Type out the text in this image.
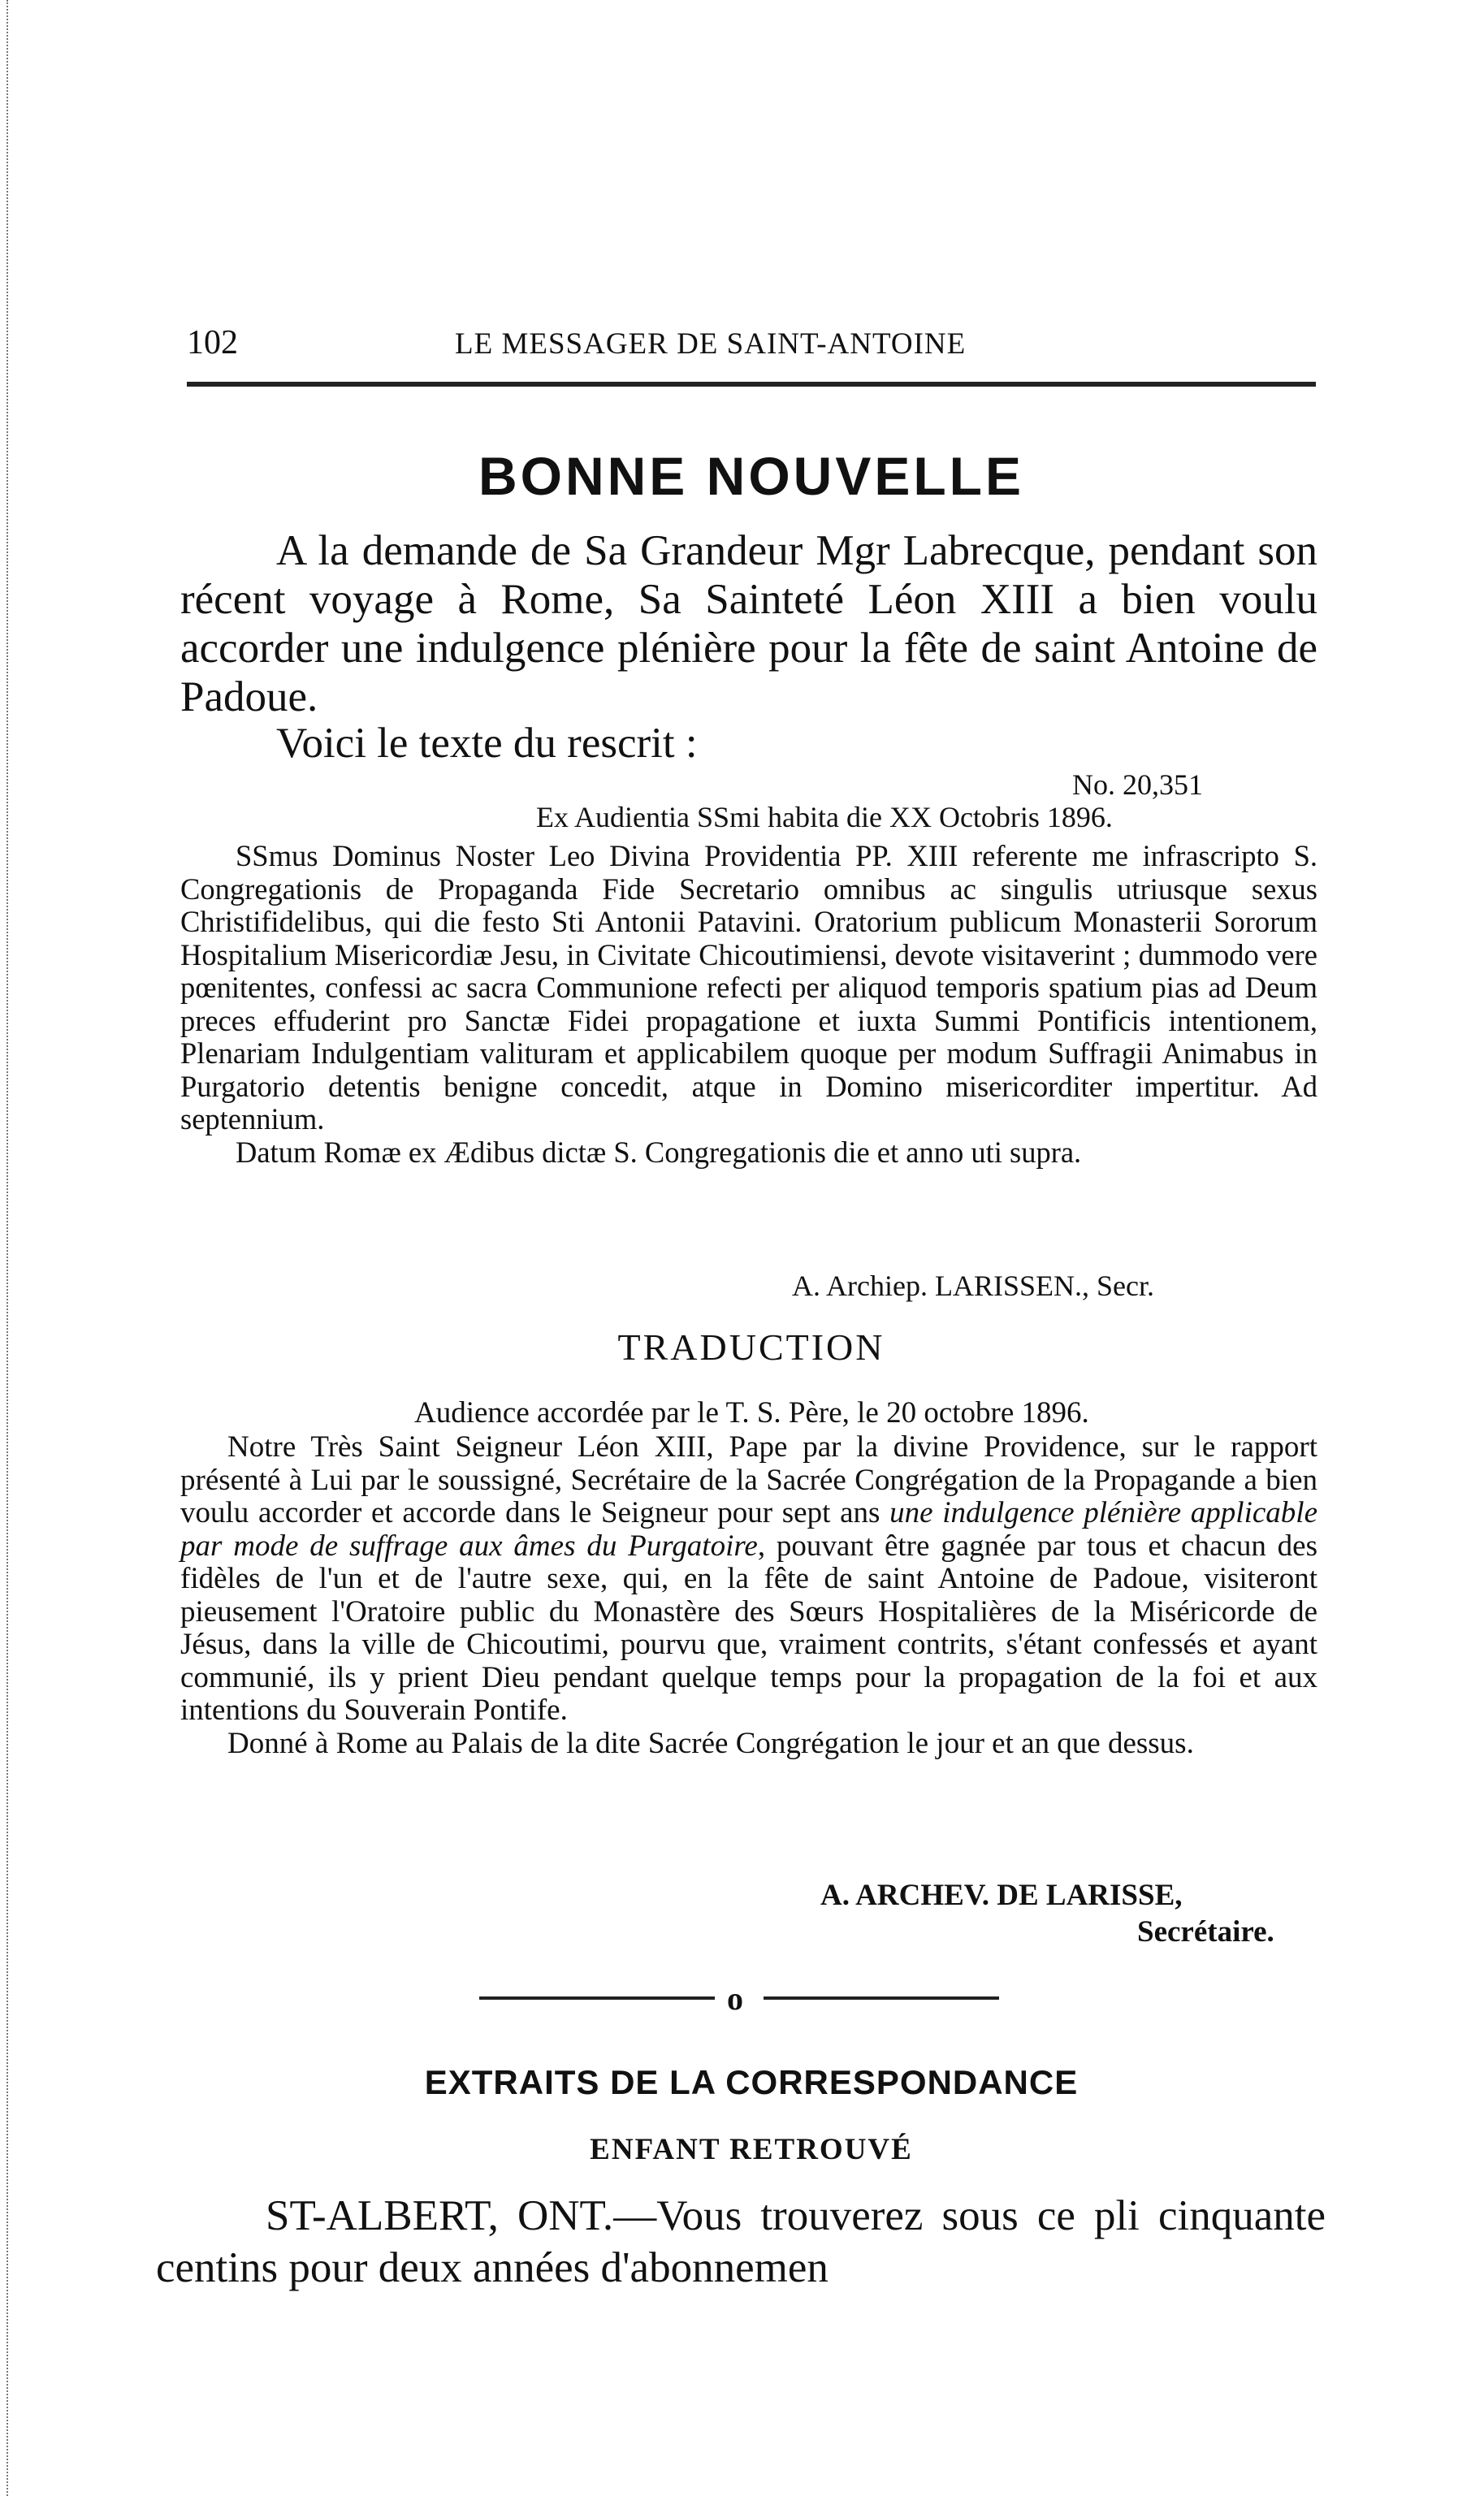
102	LE MESSAGER DE SAINT-ANTOINE
BONNE NOUVELLE

A la demande de Sa Grandeur Mgr Labrecque, pendant son récent voyage à Rome, Sa Sainteté Léon XIII a bien voulu accorder une indulgence plénière pour la fête de saint Antoine de Padoue.

Voici le texte du rescrit :
No. 20,351
Ex Audientia SSmi habita die XX Octobris 1896.

SSmus Dominus Noster Leo Divina Providentia PP. XIII referente me infrascripto S. Congregationis de Propaganda Fide Secretario omnibus ac singulis utriusque sexus Christifidelibus, qui die festo Sti Antonii Patavini. Oratorium publicum Monasterii Sororum Hospitalium Misericordiæ Jesu, in Civitate Chicoutimiensi, devote visitaverint ; dummodo vere pœnitentes, confessi ac sacra Communione refecti per aliquod temporis spatium pias ad Deum preces effuderint pro Sanctæ Fidei propagatione et iuxta Summi Pontificis intentionem, Plenariam Indulgentiam valituram et applicabilem quoque per modum Suffragii Animabus in Purgatorio detentis benigne concedit, atque in Domino misericorditer impertitur. Ad septennium.

Datum Romæ ex Ædibus dictæ S. Congregationis die et anno uti supra.

A. Archiep. LARISSEN., Secr.
TRADUCTION
Audience accordée par le T. S. Père, le 20 octobre 1896.

Notre Très Saint Seigneur Léon XIII, Pape par la divine Providence, sur le rapport présenté à Lui par le soussigné, Secrétaire de la Sacrée Congrégation de la Propagande a bien voulu accorder et accorde dans le Seigneur pour sept ans une indulgence plénière applicable par mode de suffrage aux âmes du Purgatoire, pouvant être gagnée par tous et chacun des fidèles de l'un et de l'autre sexe, qui, en la fête de saint Antoine de Padoue, visiteront pieusement l'Oratoire public du Monastère des Sœurs Hospitalières de la Miséricorde de Jésus, dans la ville de Chicoutimi, pourvu que, vraiment contrits, s'étant confessés et ayant communié, ils y prient Dieu pendant quelque temps pour la propagation de la foi et aux intentions du Souverain Pontife.

Donné à Rome au Palais de la dite Sacrée Congrégation le jour et an que dessus.

A. ARCHEV. DE LARISSE,
Secrétaire.
o
EXTRAITS DE LA CORRESPONDANCE
ENFANT RETROUVÉ

ST-ALBERT, ONT.—Vous trouverez sous ce pli cinquante centins pour deux années d'abonnemen
